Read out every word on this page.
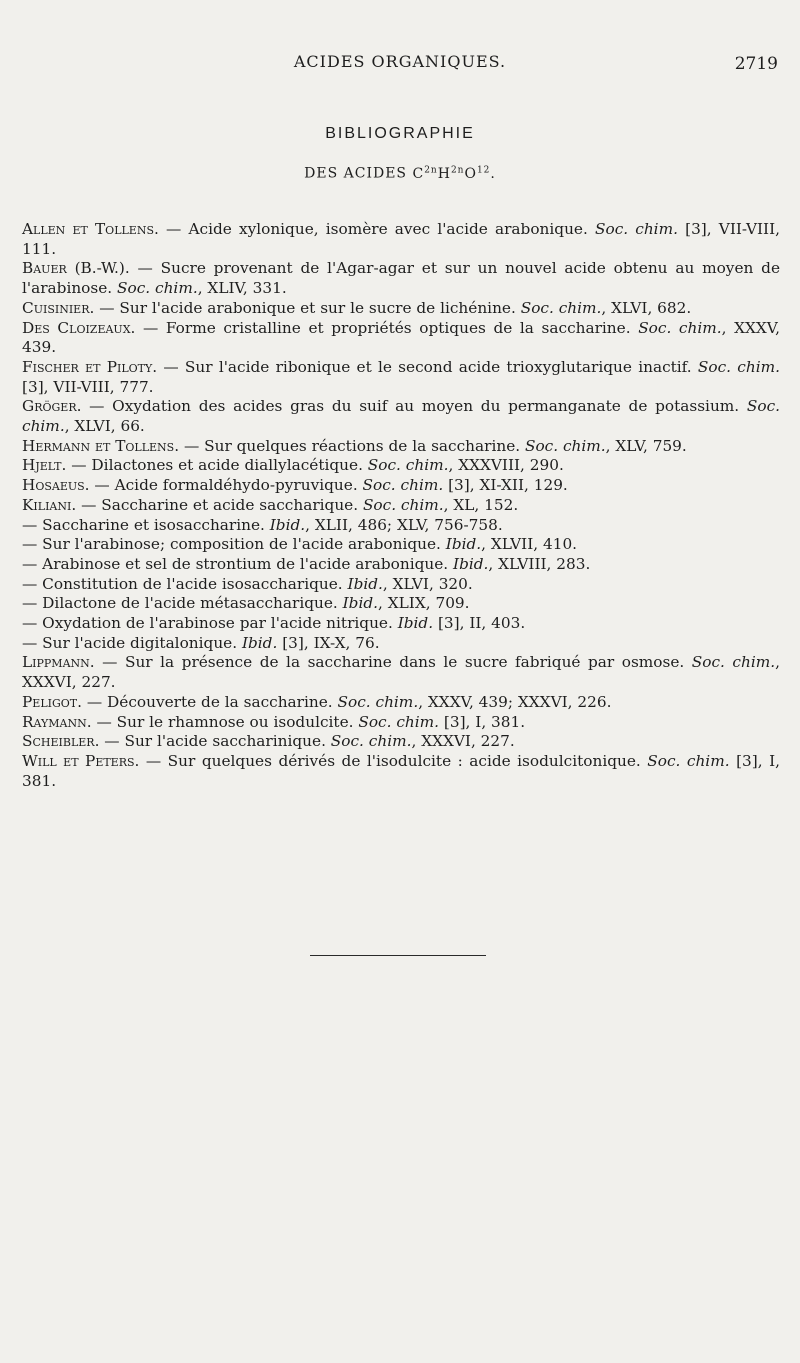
ACIDES ORGANIQUES.	2719
BIBLIOGRAPHIE
DES ACIDES $C^{2n}H^{2n}O^{12}$.

Allen et Tollens. — Acide xylonique, isomère avec l'acide arabonique. Soc. chim. [3], VII-VIII, 111.

Bauer (B.-W.). — Sucre provenant de l'Agar-agar et sur un nouvel acide obtenu au moyen de l'arabinose. Soc. chim., XLIV, 331.

Cuisinier. — Sur l'acide arabonique et sur le sucre de lichénine. Soc. chim., XLVI, 682.

Des Cloizeaux. — Forme cristalline et propriétés optiques de la saccharine. Soc. chim., XXXV, 439.

Fischer et Piloty. — Sur l'acide ribonique et le second acide trioxyglutarique inactif. Soc. chim. [3], VII-VIII, 777.

Gröger. — Oxydation des acides gras du suif au moyen du permanganate de potassium. Soc. chim., XLVI, 66.

Hermann et Tollens. — Sur quelques réactions de la saccharine. Soc. chim., XLV, 759.

Hjelt. — Dilactones et acide diallylacétique. Soc. chim., XXXVIII, 290.

Hosaeus. — Acide formaldéhydo-pyruvique. Soc. chim. [3], XI-XII, 129.

Kiliani. — Saccharine et acide saccharique. Soc. chim., XL, 152.

— Saccharine et isosaccharine. Ibid., XLII, 486; XLV, 756-758.

— Sur l'arabinose; composition de l'acide arabonique. Ibid., XLVII, 410.

— Arabinose et sel de strontium de l'acide arabonique. Ibid., XLVIII, 283.

— Constitution de l'acide isosaccharique. Ibid., XLVI, 320.

— Dilactone de l'acide métasaccharique. Ibid., XLIX, 709.

— Oxydation de l'arabinose par l'acide nitrique. Ibid. [3], II, 403.

— Sur l'acide digitalonique. Ibid. [3], IX-X, 76.

Lippmann. — Sur la présence de la saccharine dans le sucre fabriqué par osmose. Soc. chim., XXXVI, 227.

Peligot. — Découverte de la saccharine. Soc. chim., XXXV, 439; XXXVI, 226.

Raymann. — Sur le rhamnose ou isodulcite. Soc. chim. [3], I, 381.

Scheibler. — Sur l'acide saccharinique. Soc. chim., XXXVI, 227.

Will et Peters. — Sur quelques dérivés de l'isodulcite : acide isodulcitonique. Soc. chim. [3], I, 381.
